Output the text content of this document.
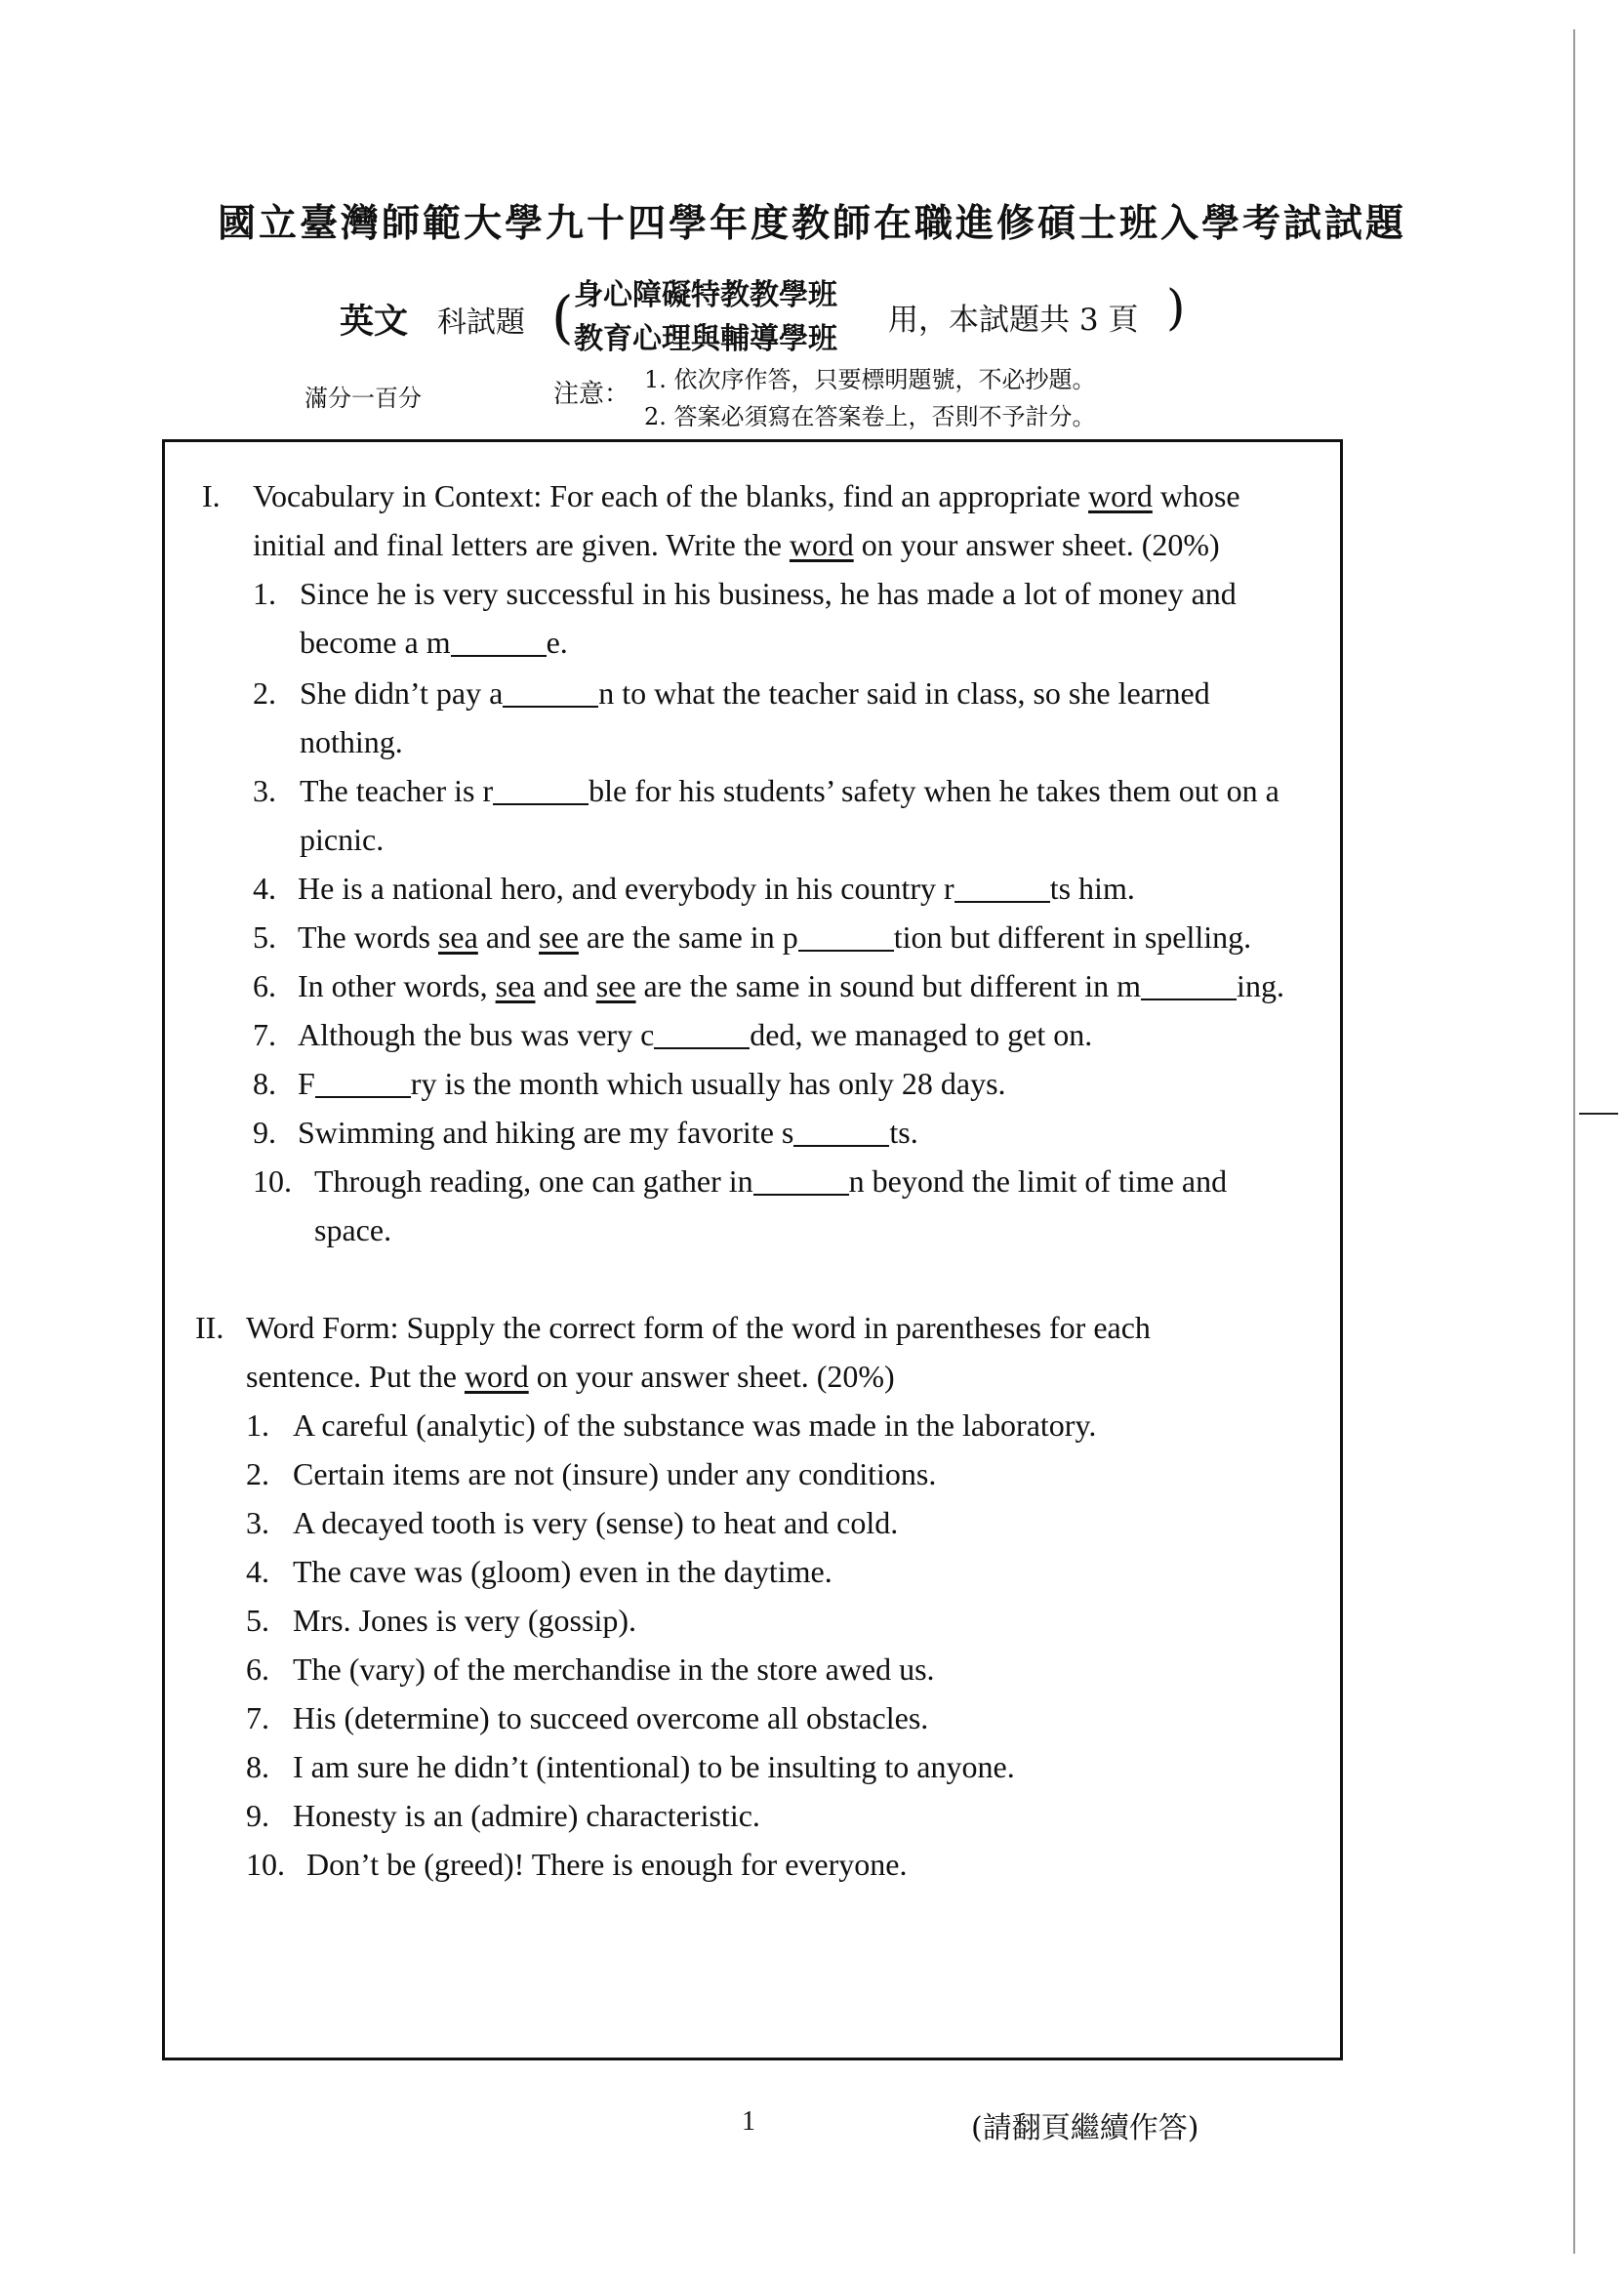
國立臺灣師範大學九十四學年度教師在職進修碩士班入學考試試題
英文 科試題 ( 身心障礙特教教學班
教育心理與輔導學班
用，本試題共 3 頁 )
滿分一百分	注意： 1. 依次序作答，只要標明題號，不必抄題。
2. 答案必須寫在答案卷上，否則不予計分。
I. Vocabulary in Context: For each of the blanks, find an appropriate word whose
initial and final letters are given. Write the word on your answer sheet. (20%)
1. Since he is very successful in his business, he has made a lot of money and
become a m	e.
2. She didn’t pay a	n to what the teacher said in class, so she learned
nothing.
3. The teacher is r	ble for his students’ safety when he takes them out on a
picnic.
4. He is a national hero, and everybody in his country r	ts him.
5. The words sea and see are the same in p	tion but different in spelling.
6. In other words, sea and see are the same in sound but different in m	ing.
7. Although the bus was very c	ded, we managed to get on.
8. F	ry is the month which usually has only 28 days.
9. Swimming and hiking are my favorite s	ts.
10. Through reading, one can gather in	n beyond the limit of time and
space.
II. Word Form: Supply the correct form of the word in parentheses for each
sentence. Put the word on your answer sheet. (20%)
1. A careful (analytic) of the substance was made in the laboratory.
2. Certain items are not (insure) under any conditions.
3. A decayed tooth is very (sense) to heat and cold.
4. The cave was (gloom) even in the daytime.
5. Mrs. Jones is very (gossip).
6. The (vary) of the merchandise in the store awed us.
7. His (determine) to succeed overcome all obstacles.
8. I am sure he didn’t (intentional) to be insulting to anyone.
9. Honesty is an (admire) characteristic.
10. Don’t be (greed)! There is enough for everyone.
1	(請翻頁繼續作答)
